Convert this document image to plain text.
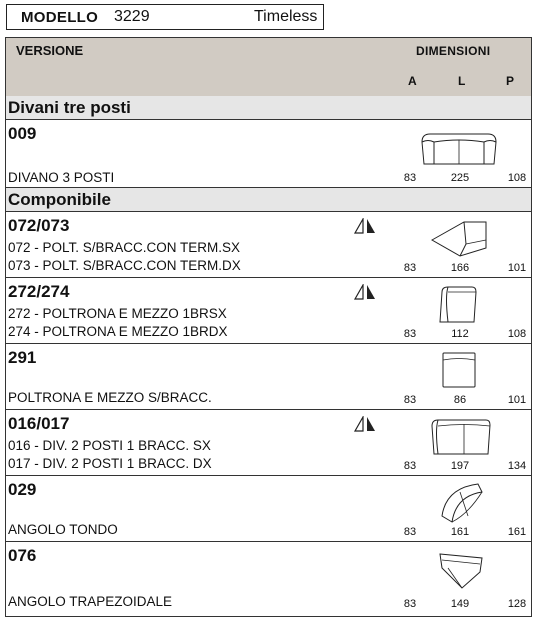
MODELLO 3229	Timeless
VERSIONE	DIMENSIONI
A	L	P
Divani tre posti
009
DIVANO 3 POSTI	83	225	108
Componibile
072/073
072 - POLT. S/BRACC.CON TERM.SX
073 - POLT. S/BRACC.CON TERM.DX	83	166	101
272/274
272 - POLTRONA E MEZZO 1BRSX
274 - POLTRONA E MEZZO 1BRDX	83	112	108
291
POLTRONA E MEZZO S/BRACC.	83	86	101
016/017
016 - DIV. 2 POSTI 1 BRACC. SX
017 - DIV. 2 POSTI 1 BRACC. DX	83	197	134
029
ANGOLO TONDO	83	161	161
076
ANGOLO TRAPEZOIDALE	83	149	128
